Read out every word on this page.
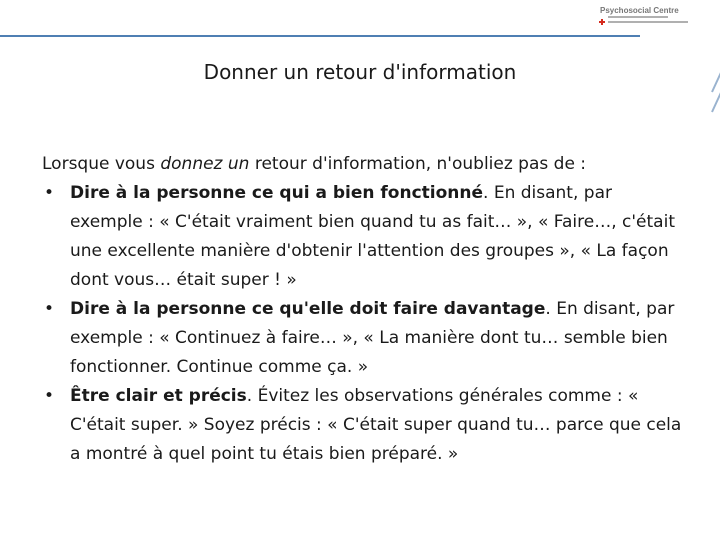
Psychosocial Centre
Donner un retour d'information

Lorsque vous donnez un retour d'information, n'oubliez pas de :

• Dire à la personne ce qui a bien fonctionné. En disant, par exemple : « C'était vraiment bien quand tu as fait… », « Faire…, c'était une excellente manière d'obtenir l'attention des groupes », « La façon dont vous… était super ! »
• Dire à la personne ce qu'elle doit faire davantage. En disant, par exemple : « Continuez à faire… », « La manière dont tu… semble bien fonctionner. Continue comme ça. »
• Être clair et précis. Évitez les observations générales comme : « C'était super. » Soyez précis : « C'était super quand tu… parce que cela a montré à quel point tu étais bien préparé. »
